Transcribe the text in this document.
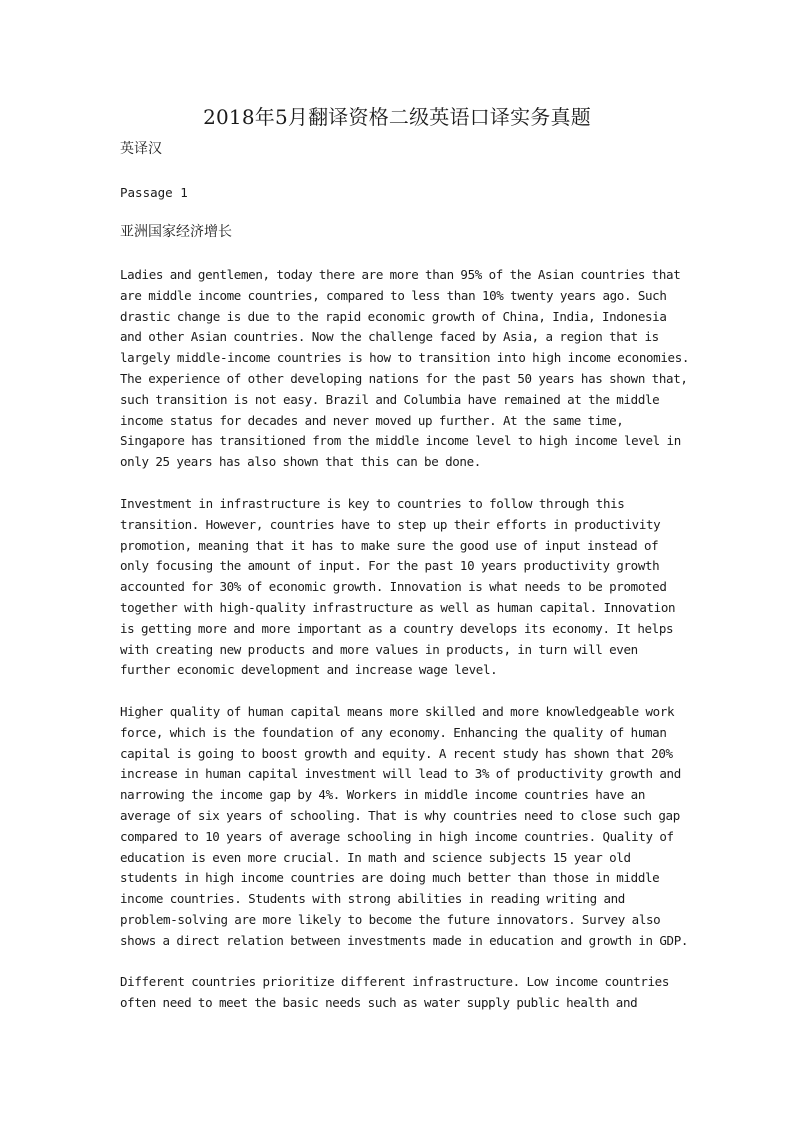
2018年5月翻译资格二级英语口译实务真题
英译汉
Passage 1
亚洲国家经济增长
Ladies and gentlemen, today there are more than 95% of the Asian countries that
are middle income countries, compared to less than 10% twenty years ago. Such
drastic change is due to the rapid economic growth of China, India, Indonesia
and other Asian countries. Now the challenge faced by Asia, a region that is
largely middle-income countries is how to transition into high income economies.
The experience of other developing nations for the past 50 years has shown that,
such transition is not easy. Brazil and Columbia have remained at the middle
income status for decades and never moved up further. At the same time,
Singapore has transitioned from the middle income level to high income level in
only 25 years has also shown that this can be done.
Investment in infrastructure is key to countries to follow through this
transition. However, countries have to step up their efforts in productivity
promotion, meaning that it has to make sure the good use of input instead of
only focusing the amount of input. For the past 10 years productivity growth
accounted for 30% of economic growth. Innovation is what needs to be promoted
together with high-quality infrastructure as well as human capital. Innovation
is getting more and more important as a country develops its economy. It helps
with creating new products and more values in products, in turn will even
further economic development and increase wage level.
Higher quality of human capital means more skilled and more knowledgeable work
force, which is the foundation of any economy. Enhancing the quality of human
capital is going to boost growth and equity. A recent study has shown that 20%
increase in human capital investment will lead to 3% of productivity growth and
narrowing the income gap by 4%. Workers in middle income countries have an
average of six years of schooling. That is why countries need to close such gap
compared to 10 years of average schooling in high income countries. Quality of
education is even more crucial. In math and science subjects 15 year old
students in high income countries are doing much better than those in middle
income countries. Students with strong abilities in reading writing and
problem-solving are more likely to become the future innovators. Survey also
shows a direct relation between investments made in education and growth in GDP.
Different countries prioritize different infrastructure. Low income countries
often need to meet the basic needs such as water supply public health and
